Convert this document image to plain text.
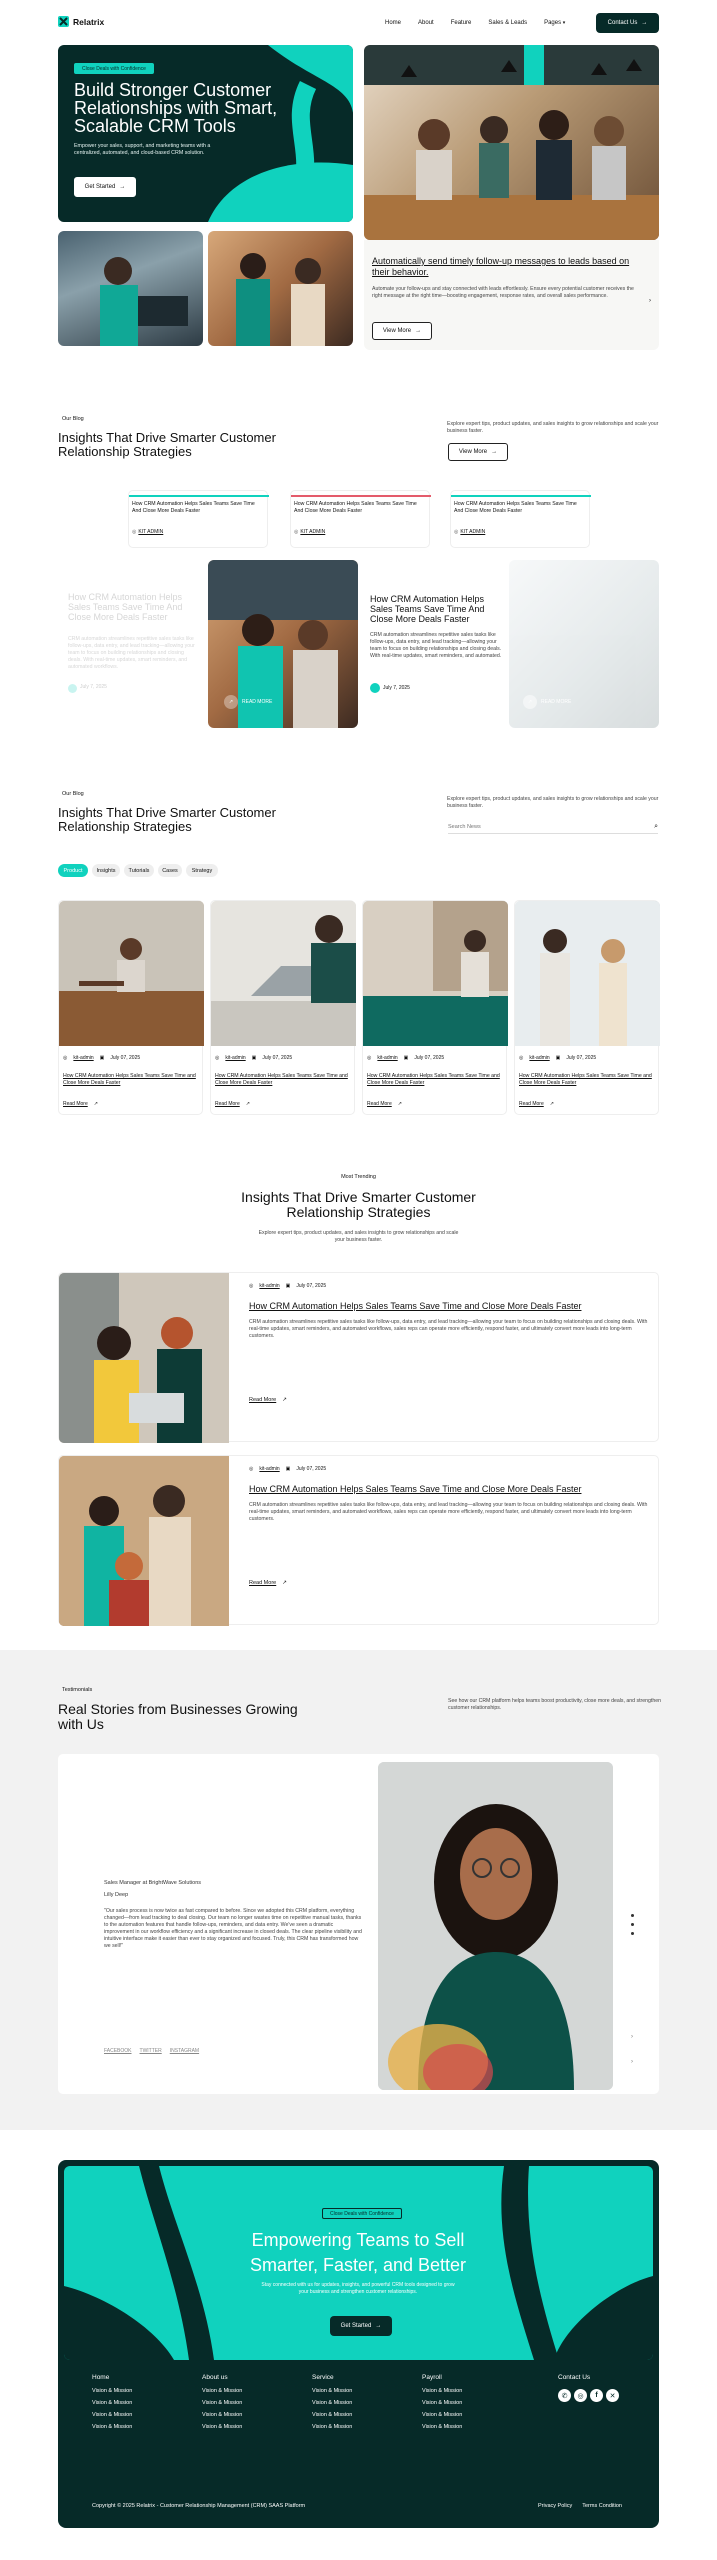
Relatrix	Home	About	Feature	Sales & Leads	Pages ▾	Contact Us →
Close Deals with Confidence
Build Stronger Customer Relationships with Smart, Scalable CRM Tools
Empower your sales, support, and marketing teams with a centralized, automated, and cloud-based CRM solution.
Get Started →
Automatically send timely follow-up messages to leads based on their behavior.
Automate your follow-ups and stay connected with leads effortlessly. Ensure every potential customer receives the right message at the right time—boosting engagement, response rates, and overall sales performance.
›
View More →
Our Blog
Insights That Drive Smarter Customer Relationship Strategies
Explore expert tips, product updates, and sales insights to grow relationships and scale your business faster.
View More →
How CRM Automation Helps Sales Teams Save Time And Close More Deals Faster
◎ KIT ADMIN
How CRM Automation Helps Sales Teams Save Time And Close More Deals Faster
◎ KIT ADMIN
How CRM Automation Helps Sales Teams Save Time And Close More Deals Faster
◎ KIT ADMIN
How CRM Automation Helps Sales Teams Save Time And Close More Deals Faster
CRM automation streamlines repetitive sales tasks like follow-ups, data entry, and lead tracking—allowing your team to focus on building relationships and closing deals. With real-time updates, smart reminders, and automated workflows.
July 7, 2025
↗	READ MORE
How CRM Automation Helps Sales Teams Save Time And Close More Deals Faster
CRM automation streamlines repetitive sales tasks like follow-ups, data entry, and lead tracking—allowing your team to focus on building relationships and closing deals. With real-time updates, smart reminders, and automated.
July 7, 2025
↗	READ MORE
Our Blog
Insights That Drive Smarter Customer Relationship Strategies
Explore expert tips, product updates, and sales insights to grow relationships and scale your business faster.
Search News
⌕
Product	Insights	Tutorials	Cases	Strategy
◎ kit-admin ▣ July 07, 2025
How CRM Automation Helps Sales Teams Save Time and Close More Deals Faster
Read More ↗
◎ kit-admin ▣ July 07, 2025
How CRM Automation Helps Sales Teams Save Time and Close More Deals Faster
Read More ↗
◎ kit-admin ▣ July 07, 2025
How CRM Automation Helps Sales Teams Save Time and Close More Deals Faster
Read More ↗
◎ kit-admin ▣ July 07, 2025
How CRM Automation Helps Sales Teams Save Time and Close More Deals Faster
Read More ↗
Most Trending
Insights That Drive Smarter Customer Relationship Strategies
Explore expert tips, product updates, and sales insights to grow relationships and scale your business faster.
◎ kit-admin ▣ July 07, 2025
How CRM Automation Helps Sales Teams Save Time and Close More Deals Faster
CRM automation streamlines repetitive sales tasks like follow-ups, data entry, and lead tracking—allowing your team to focus on building relationships and closing deals. With real-time updates, smart reminders, and automated workflows, sales reps can operate more efficiently, respond faster, and ultimately convert more leads into long-term customers.
Read More ↗
◎ kit-admin ▣ July 07, 2025
How CRM Automation Helps Sales Teams Save Time and Close More Deals Faster
CRM automation streamlines repetitive sales tasks like follow-ups, data entry, and lead tracking—allowing your team to focus on building relationships and closing deals. With real-time updates, smart reminders, and automated workflows, sales reps can operate more efficiently, respond faster, and ultimately convert more leads into long-term customers.
Read More ↗
Testimonials
Real Stories from Businesses Growing with Us
See how our CRM platform helps teams boost productivity, close more deals, and strengthen customer relationships.
Sales Manager at BrightWave Solutions
Lilly Deep
"Our sales process is now twice as fast compared to before. Since we adopted this CRM platform, everything changed—from lead tracking to deal closing. Our team no longer wastes time on repetitive manual tasks, thanks to the automation features that handle follow-ups, reminders, and data entry. We've seen a dramatic improvement in our workflow efficiency and a significant increase in closed deals. The clear pipeline visibility and intuitive interface make it easier than ever to stay organized and focused. Truly, this CRM has transformed how we sell!"
FACEBOOK TWITTER INSTAGRAM
›
›
Close Deals with Confidence
Empowering Teams to Sell Smarter, Faster, and Better
Stay connected with us for updates, insights, and powerful CRM tools designed to grow your business and strengthen customer relationships.
Get Started →
Home
Vision & Mission
Vision & Mission
Vision & Mission
Vision & Mission
About us
Vision & Mission
Vision & Mission
Vision & Mission
Vision & Mission
Service
Vision & Mission
Vision & Mission
Vision & Mission
Vision & Mission
Payroll
Vision & Mission
Vision & Mission
Vision & Mission
Vision & Mission
Contact Us
✆	◎	f	✕
Copyright © 2025 Relatrix - Customer Relationship Management (CRM) SAAS Platform	Privacy Policy Terms Condition
